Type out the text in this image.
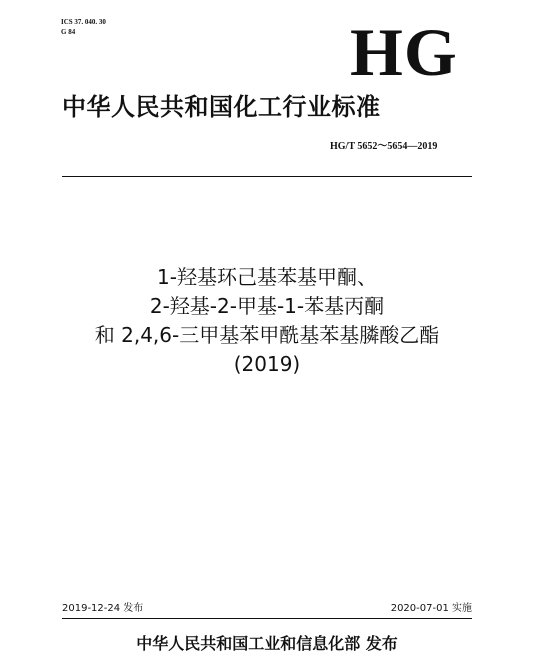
ICS 37. 040. 30
G 84	HG
中华人民共和国化工行业标准
HG/T 5652～5654—2019
1-羟基环己基苯基甲酮、
2-羟基-2-甲基-1-苯基丙酮
和 2,4,6-三甲基苯甲酰基苯基膦酸乙酯
(2019)
2019-12-24 发布	2020-07-01 实施
中华人民共和国工业和信息化部 发布
